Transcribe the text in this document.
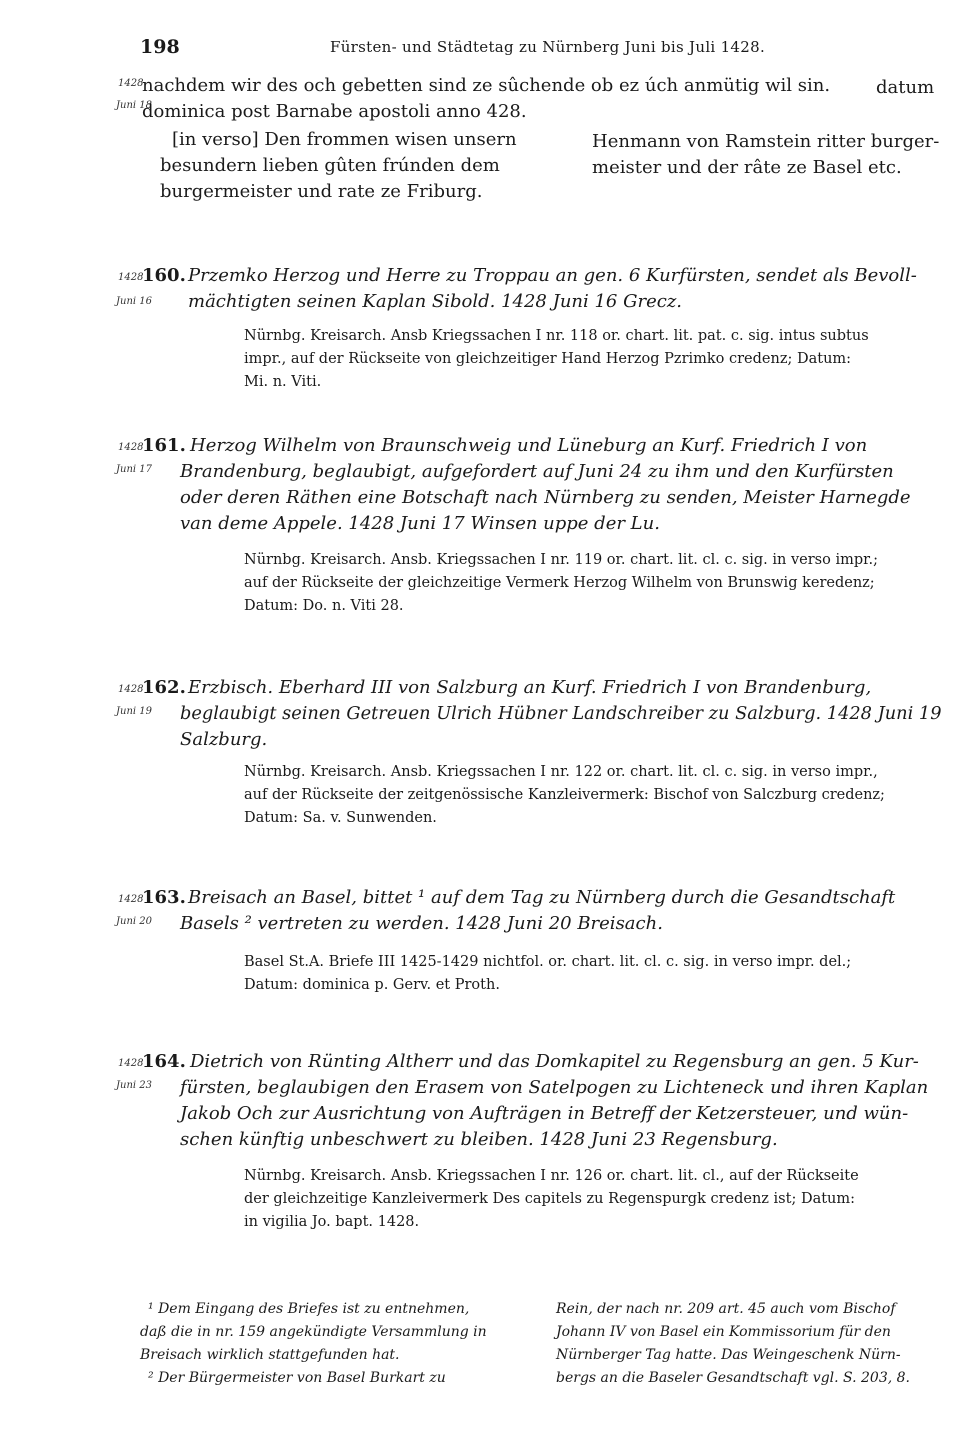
198	Fürsten- und Städtetag zu Nürnberg Juni bis Juli 1428.
1428
Juni 18
nachdem wir des och gebetten sind ze sûchende ob ez úch anmütig wil sin.	datum
dominica post Barnabe apostoli anno 428.
[in verso] Den frommen wisen unsern
besundern lieben gûten frúnden dem
burgermeister und rate ze Friburg.
Henmann von Ramstein ritter burger-
meister und der râte ze Basel etc.
1428
Juni 16
160. Przemko Herzog und Herre zu Troppau an gen. 6 Kurfürsten, sendet als Bevoll-
mächtigten seinen Kaplan Sibold. 1428 Juni 16 Grecz.
Nürnbg. Kreisarch. Ansb Kriegssachen I nr. 118 or. chart. lit. pat. c. sig. intus subtus
impr., auf der Rückseite von gleichzeitiger Hand Herzog Pzrimko credenz; Datum:
Mi. n. Viti.
1428
Juni 17
161. Herzog Wilhelm von Braunschweig und Lüneburg an Kurf. Friedrich I von
Brandenburg, beglaubigt, aufgefordert auf Juni 24 zu ihm und den Kurfürsten
oder deren Räthen eine Botschaft nach Nürnberg zu senden, Meister Harnegde
van deme Appele. 1428 Juni 17 Winsen uppe der Lu.
Nürnbg. Kreisarch. Ansb. Kriegssachen I nr. 119 or. chart. lit. cl. c. sig. in verso impr.;
auf der Rückseite der gleichzeitige Vermerk Herzog Wilhelm von Brunswig keredenz;
Datum: Do. n. Viti 28.
1428
Juni 19
162. Erzbisch. Eberhard III von Salzburg an Kurf. Friedrich I von Brandenburg,
beglaubigt seinen Getreuen Ulrich Hübner Landschreiber zu Salzburg. 1428 Juni 19
Salzburg.
Nürnbg. Kreisarch. Ansb. Kriegssachen I nr. 122 or. chart. lit. cl. c. sig. in verso impr.,
auf der Rückseite der zeitgenössische Kanzleivermerk: Bischof von Salczburg credenz;
Datum: Sa. v. Sunwenden.
1428
Juni 20
163. Breisach an Basel, bittet ¹ auf dem Tag zu Nürnberg durch die Gesandtschaft
Basels ² vertreten zu werden. 1428 Juni 20 Breisach.
Basel St.A. Briefe III 1425-1429 nichtfol. or. chart. lit. cl. c. sig. in verso impr. del.;
Datum: dominica p. Gerv. et Proth.
1428
Juni 23
164. Dietrich von Rünting Altherr und das Domkapitel zu Regensburg an gen. 5 Kur-
fürsten, beglaubigen den Erasem von Satelpogen zu Lichteneck und ihren Kaplan
Jakob Och zur Ausrichtung von Aufträgen in Betreff der Ketzersteuer, und wün-
schen künftig unbeschwert zu bleiben. 1428 Juni 23 Regensburg.
Nürnbg. Kreisarch. Ansb. Kriegssachen I nr. 126 or. chart. lit. cl., auf der Rückseite
der gleichzeitige Kanzleivermerk Des capitels zu Regenspurgk credenz ist; Datum:
in vigilia Jo. bapt. 1428.
¹ Dem Eingang des Briefes ist zu entnehmen,
daß die in nr. 159 angekündigte Versammlung in
Breisach wirklich stattgefunden hat.
² Der Bürgermeister von Basel Burkart zu
Rein, der nach nr. 209 art. 45 auch vom Bischof
Johann IV von Basel ein Kommissorium für den
Nürnberger Tag hatte. Das Weingeschenk Nürn-
bergs an die Baseler Gesandtschaft vgl. S. 203, 8.
